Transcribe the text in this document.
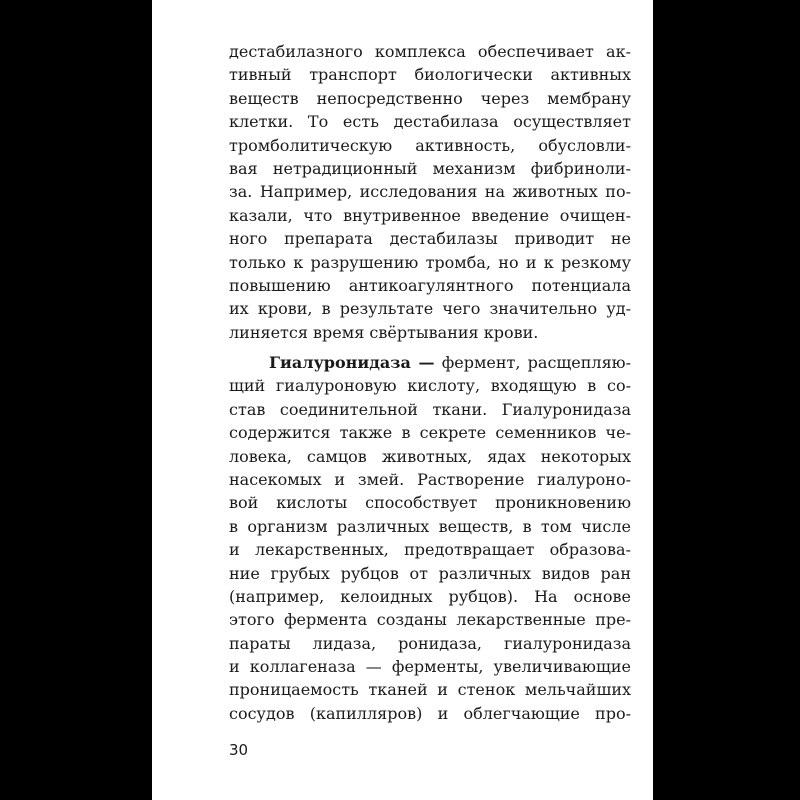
дестабилазного комплекса обеспечивает ак-
тивный транспорт биологически активных
веществ непосредственно через мембрану
клетки. То есть дестабилаза осуществляет
тромболитическую активность, обусловли-
вая нетрадиционный механизм фибриноли-
за. Например, исследования на животных по-
казали, что внутривенное введение очищен-
ного препарата дестабилазы приводит не
только к разрушению тромба, но и к резкому
повышению антикоагулянтного потенциала
их крови, в результате чего значительно уд-
линяется время свёртывания крови.
Гиалуронидаза — фермент, расщепляю-
щий гиалуроновую кислоту, входящую в со-
став соединительной ткани. Гиалуронидаза
содержится также в секрете семенников че-
ловека, самцов животных, ядах некоторых
насекомых и змей. Растворение гиалуроно-
вой кислоты способствует проникновению
в организм различных веществ, в том числе
и лекарственных, предотвращает образова-
ние грубых рубцов от различных видов ран
(например, келоидных рубцов). На основе
этого фермента созданы лекарственные пре-
параты лидаза, ронидаза, гиалуронидаза
и коллагеназа — ферменты, увеличивающие
проницаемость тканей и стенок мельчайших
сосудов (капилляров) и облегчающие про-
30
